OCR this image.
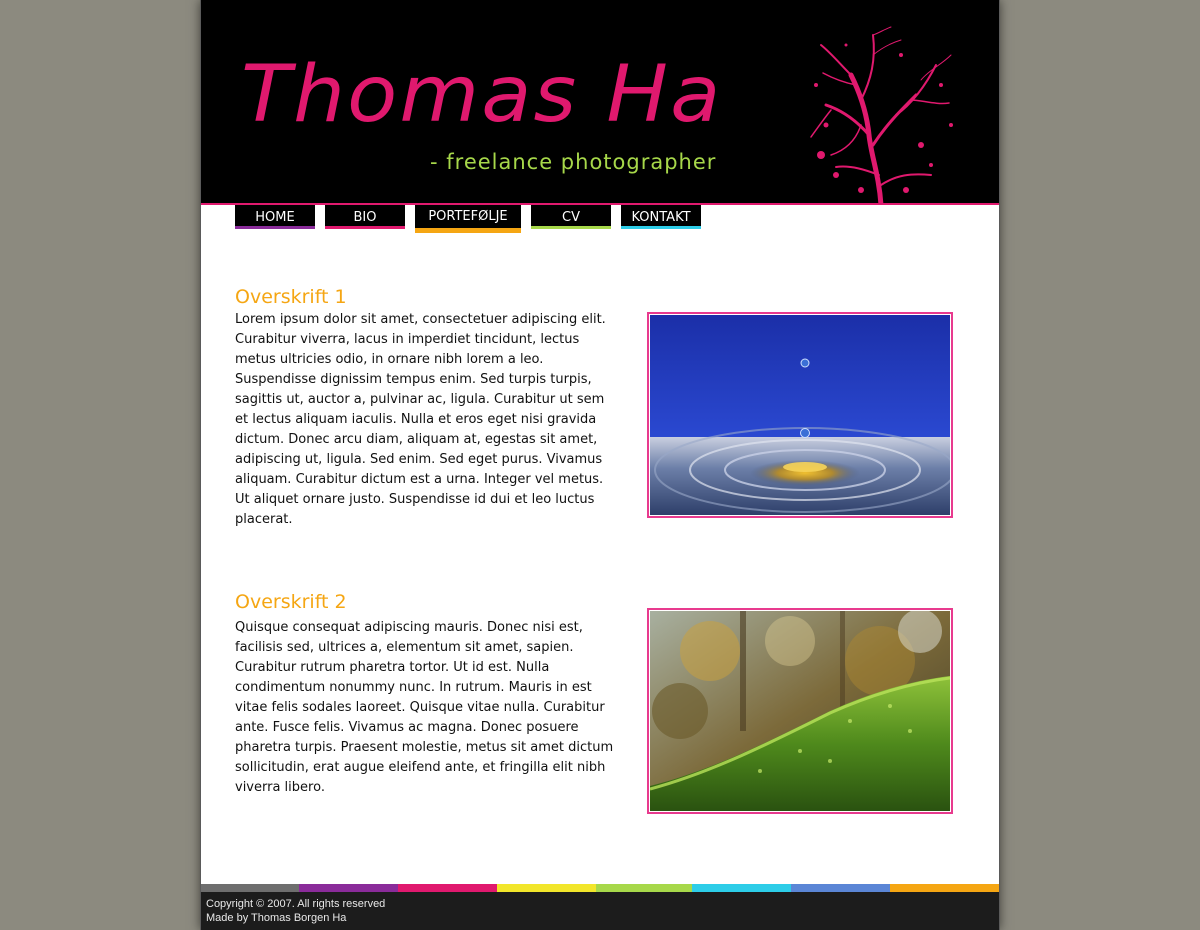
Thomas Ha
- freelance photographer
HOME	BIO	PORTEFØLJE	CV	KONTAKT
Overskrift 1
Lorem ipsum dolor sit amet, consectetuer adipiscing elit. Curabitur viverra, lacus in imperdiet tincidunt, lectus metus ultricies odio, in ornare nibh lorem a leo. Suspendisse dignissim tempus enim. Sed turpis turpis, sagittis ut, auctor a, pulvinar ac, ligula. Curabitur ut sem et lectus aliquam iaculis. Nulla et eros eget nisi gravida dictum. Donec arcu diam, aliquam at, egestas sit amet, adipiscing ut, ligula. Sed enim. Sed eget purus. Vivamus aliquam. Curabitur dictum est a urna. Integer vel metus. Ut aliquet ornare justo. Suspendisse id dui et leo luctus placerat.
Overskrift 2
Quisque consequat adipiscing mauris. Donec nisi est, facilisis sed, ultrices a, elementum sit amet, sapien. Curabitur rutrum pharetra tortor. Ut id est. Nulla condimentum nonummy nunc. In rutrum. Mauris in est vitae felis sodales laoreet. Quisque vitae nulla. Curabitur ante. Fusce felis. Vivamus ac magna. Donec posuere pharetra turpis. Praesent molestie, metus sit amet dictum sollicitudin, erat augue eleifend ante, et fringilla elit nibh viverra libero.
Copyright © 2007. All rights reserved
Made by Thomas Borgen Ha
